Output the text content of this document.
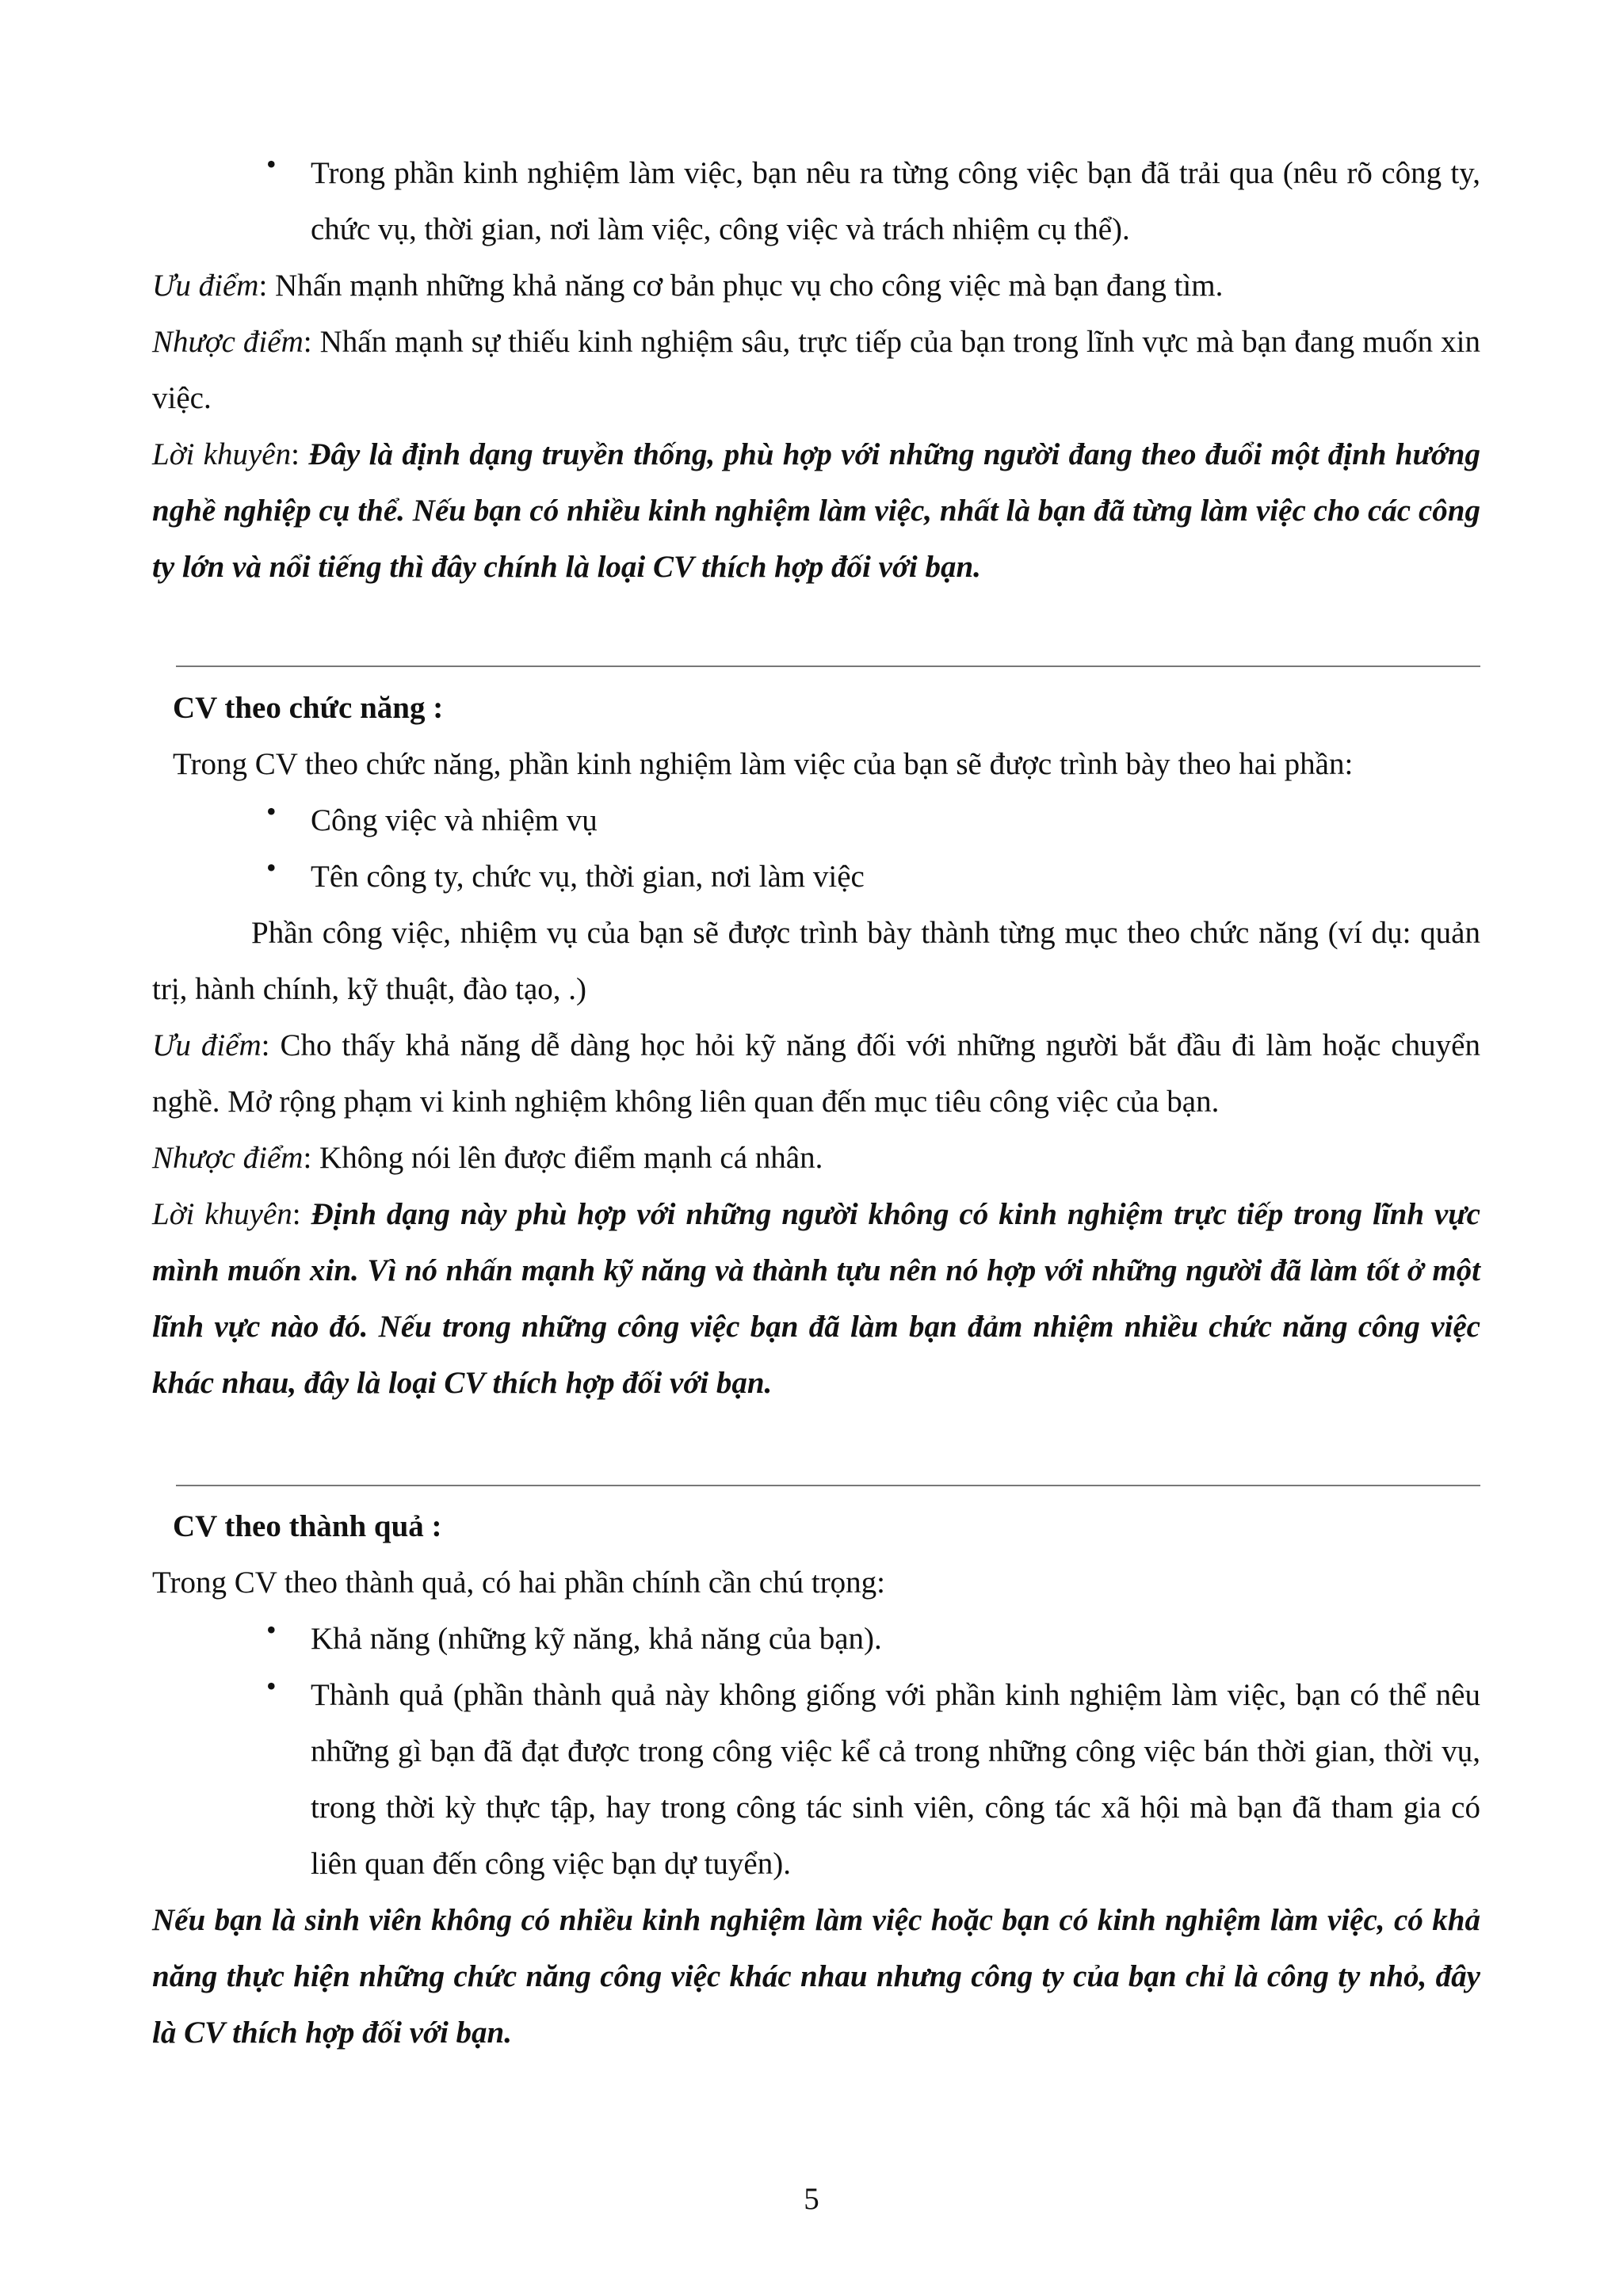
• Trong phần kinh nghiệm làm việc, bạn nêu ra từng công việc bạn đã trải qua (nêu rõ công ty, chức vụ, thời gian, nơi làm việc, công việc và trách nhiệm cụ thể).

Ưu điểm: Nhấn mạnh những khả năng cơ bản phục vụ cho công việc mà bạn đang tìm.

Nhược điểm: Nhấn mạnh sự thiếu kinh nghiệm sâu, trực tiếp của bạn trong lĩnh vực mà bạn đang muốn xin việc.

Lời khuyên: Đây là định dạng truyền thống, phù hợp với những người đang theo đuổi một định hướng nghề nghiệp cụ thể. Nếu bạn có nhiều kinh nghiệm làm việc, nhất là bạn đã từng làm việc cho các công ty lớn và nổi tiếng thì đây chính là loại CV thích hợp đối với bạn.

CV theo chức năng :

Trong CV theo chức năng, phần kinh nghiệm làm việc của bạn sẽ được trình bày theo hai phần:

• Công việc và nhiệm vụ

• Tên công ty, chức vụ, thời gian, nơi làm việc

Phần công việc, nhiệm vụ của bạn sẽ được trình bày thành từng mục theo chức năng (ví dụ: quản trị, hành chính, kỹ thuật, đào tạo, .)

Ưu điểm: Cho thấy khả năng dễ dàng học hỏi kỹ năng đối với những người bắt đầu đi làm hoặc chuyển nghề. Mở rộng phạm vi kinh nghiệm không liên quan đến mục tiêu công việc của bạn.

Nhược điểm: Không nói lên được điểm mạnh cá nhân.

Lời khuyên: Định dạng này phù hợp với những người không có kinh nghiệm trực tiếp trong lĩnh vực mình muốn xin. Vì nó nhấn mạnh kỹ năng và thành tựu nên nó hợp với những người đã làm tốt ở một lĩnh vực nào đó. Nếu trong những công việc bạn đã làm bạn đảm nhiệm nhiều chức năng công việc khác nhau, đây là loại CV thích hợp đối với bạn.

CV theo thành quả :

Trong CV theo thành quả, có hai phần chính cần chú trọng:

• Khả năng (những kỹ năng, khả năng của bạn).

• Thành quả (phần thành quả này không giống với phần kinh nghiệm làm việc, bạn có thể nêu những gì bạn đã đạt được trong công việc kể cả trong những công việc bán thời gian, thời vụ, trong thời kỳ thực tập, hay trong công tác sinh viên, công tác xã hội mà bạn đã tham gia có liên quan đến công việc bạn dự tuyển).

Nếu bạn là sinh viên không có nhiều kinh nghiệm làm việc hoặc bạn có kinh nghiệm làm việc, có khả năng thực hiện những chức năng công việc khác nhau nhưng công ty của bạn chỉ là công ty nhỏ, đây là CV thích hợp đối với bạn.

5
